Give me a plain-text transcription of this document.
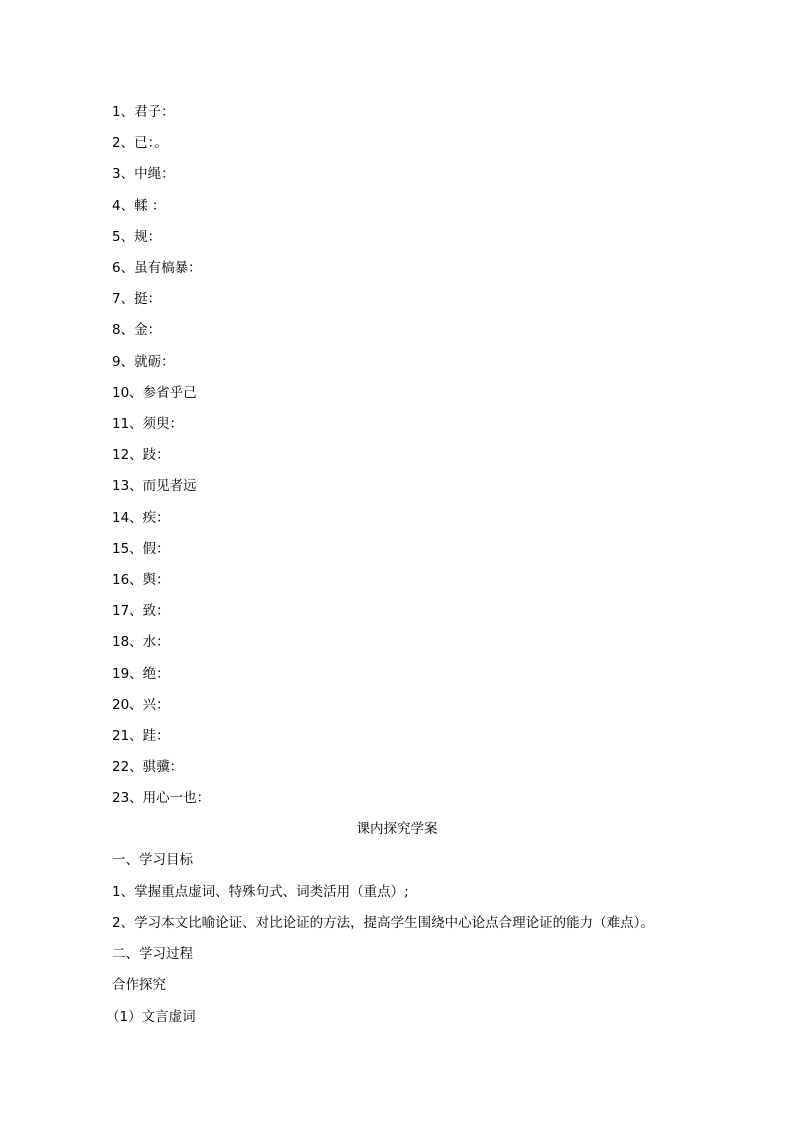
1、君子：
2、已：。
3、中绳：
4、輮 ：
5、规：
6、虽有槁暴：
7、挺：
8、金：
9、就砺：
10、参省乎己
11、须臾：
12、跂：
13、而见者远
14、疾：
15、假：
16、舆：
17、致：
18、水：
19、绝：
20、兴：
21、跬：
22、骐骥：
23、用心一也：
课内探究学案
一、学习目标
1、掌握重点虚词、特殊句式、词类活用（重点）;
2、学习本文比喻论证、对比论证的方法，提高学生围绕中心论点合理论证的能力（难点）。
二、学习过程
合作探究
（1）文言虚词
